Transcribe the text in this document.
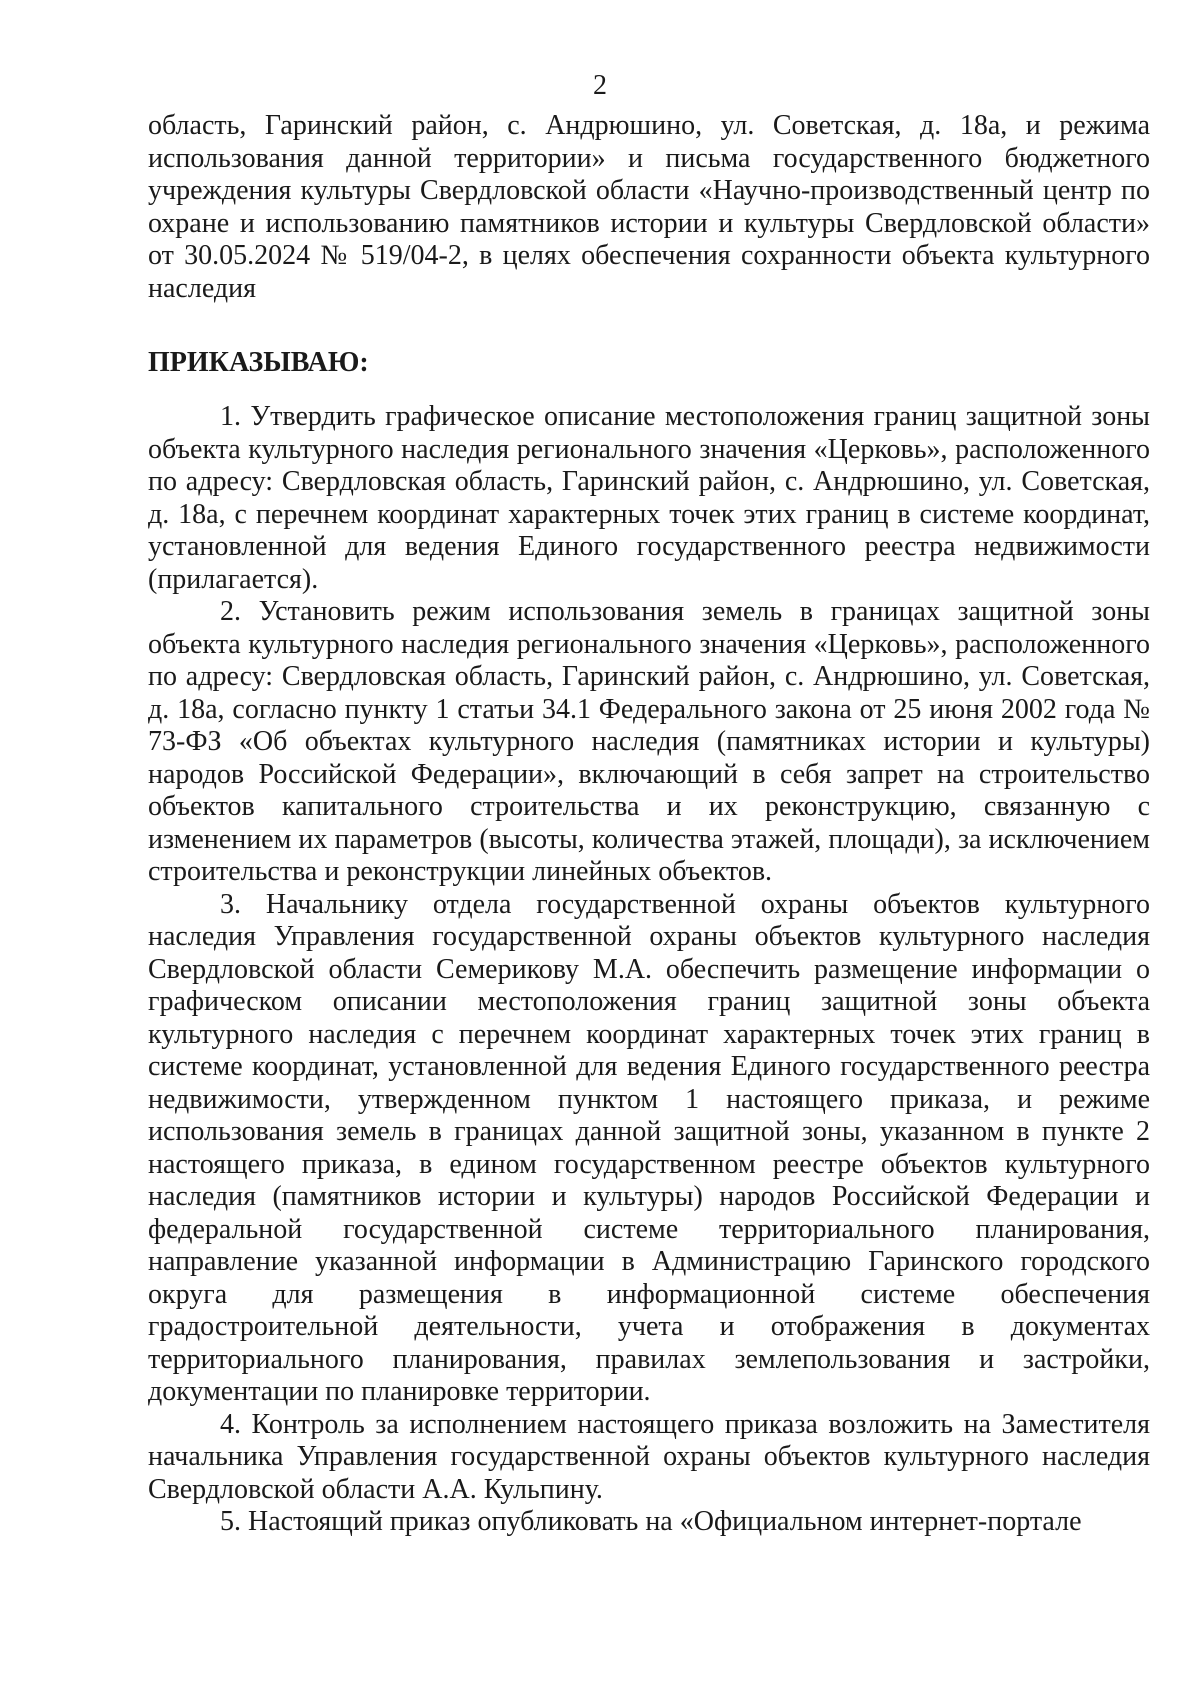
2

область, Гаринский район, с. Андрюшино, ул. Советская, д. 18а, и режима использования данной территории» и письма государственного бюджетного учреждения культуры Свердловской области «Научно-производственный центр по охране и использованию памятников истории и культуры Свердловской области» от 30.05.2024 № 519/04-2, в целях обеспечения сохранности объекта культурного наследия

ПРИКАЗЫВАЮ:

1. Утвердить графическое описание местоположения границ защитной зоны объекта культурного наследия регионального значения «Церковь», расположенного по адресу: Свердловская область, Гаринский район, с. Андрюшино, ул. Советская, д. 18а, с перечнем координат характерных точек этих границ в системе координат, установленной для ведения Единого государственного реестра недвижимости (прилагается).

2. Установить режим использования земель в границах защитной зоны объекта культурного наследия регионального значения «Церковь», расположенного по адресу: Свердловская область, Гаринский район, с. Андрюшино, ул. Советская, д. 18а, согласно пункту 1 статьи 34.1 Федерального закона от 25 июня 2002 года № 73-ФЗ «Об объектах культурного наследия (памятниках истории и культуры) народов Российской Федерации», включающий в себя запрет на строительство объектов капитального строительства и их реконструкцию, связанную с изменением их параметров (высоты, количества этажей, площади), за исключением строительства и реконструкции линейных объектов.

3. Начальнику отдела государственной охраны объектов культурного наследия Управления государственной охраны объектов культурного наследия Свердловской области Семерикову М.А. обеспечить размещение информации о графическом описании местоположения границ защитной зоны объекта культурного наследия с перечнем координат характерных точек этих границ в системе координат, установленной для ведения Единого государственного реестра недвижимости, утвержденном пунктом 1 настоящего приказа, и режиме использования земель в границах данной защитной зоны, указанном в пункте 2 настоящего приказа, в едином государственном реестре объектов культурного наследия (памятников истории и культуры) народов Российской Федерации и федеральной государственной системе территориального планирования, направление указанной информации в Администрацию Гаринского городского округа для размещения в информационной системе обеспечения градостроительной деятельности, учета и отображения в документах территориального планирования, правилах землепользования и застройки, документации по планировке территории.

4. Контроль за исполнением настоящего приказа возложить на Заместителя начальника Управления государственной охраны объектов культурного наследия Свердловской области А.А. Кульпину.

5. Настоящий приказ опубликовать на «Официальном интернет-портале
